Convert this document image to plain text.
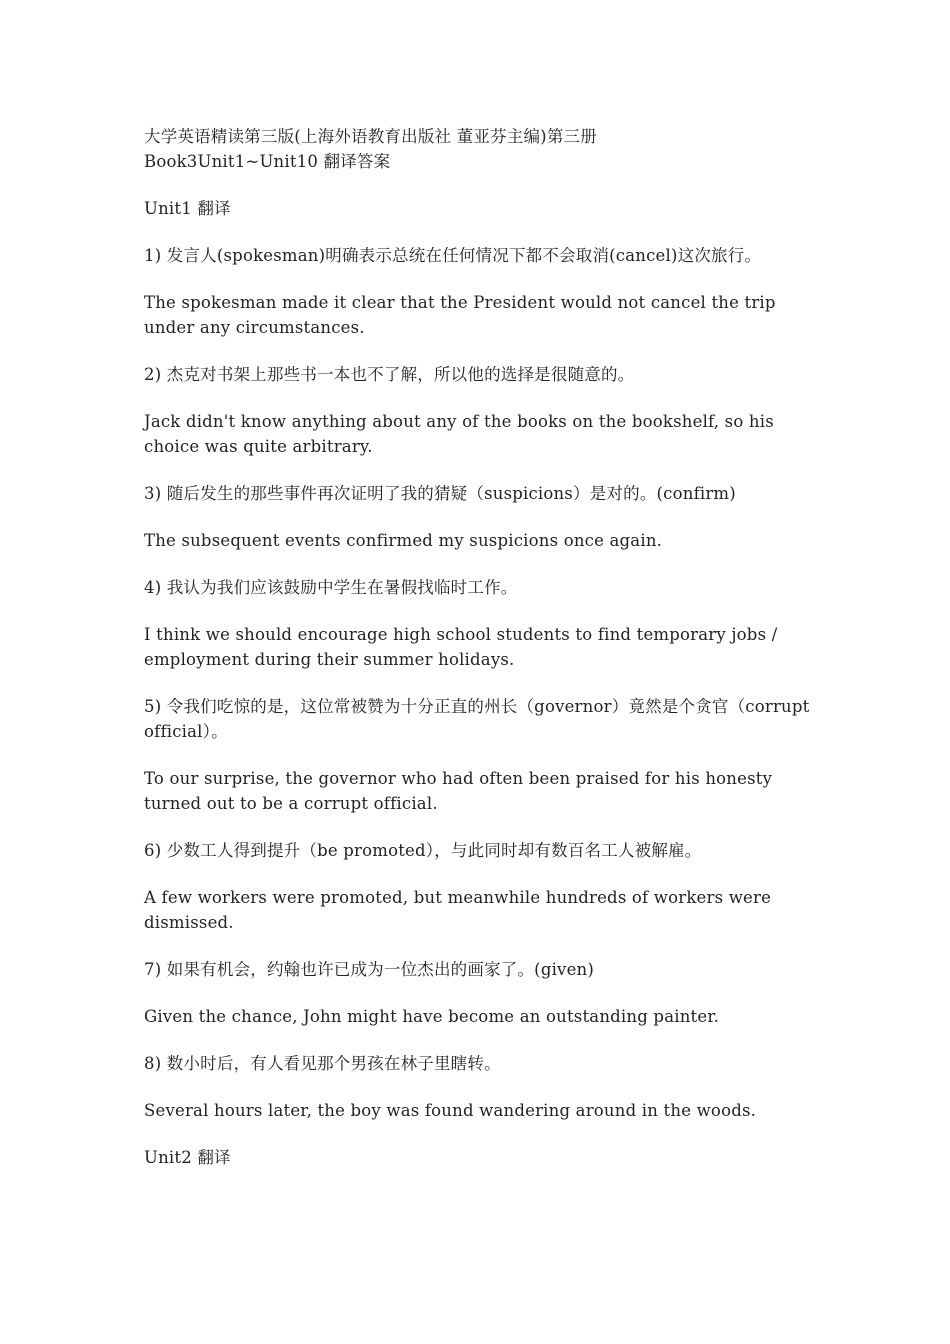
大学英语精读第三版(上海外语教育出版社 董亚芬主编)第三册
Book3Unit1~Unit10 翻译答案
Unit1 翻译
1) 发言人(spokesman)明确表示总统在任何情况下都不会取消(cancel)这次旅行。
The spokesman made it clear that the President would not cancel the trip under any circumstances.
2) 杰克对书架上那些书一本也不了解，所以他的选择是很随意的。
Jack didn't know anything about any of the books on the bookshelf, so his choice was quite arbitrary.
3) 随后发生的那些事件再次证明了我的猜疑（suspicions）是对的。(confirm)
The subsequent events confirmed my suspicions once again.
4) 我认为我们应该鼓励中学生在暑假找临时工作。
I think we should encourage high school students to find temporary jobs / employment during their summer holidays.
5) 令我们吃惊的是，这位常被赞为十分正直的州长（governor）竟然是个贪官（corrupt official）。
To our surprise, the governor who had often been praised for his honesty turned out to be a corrupt official.
6) 少数工人得到提升（be promoted），与此同时却有数百名工人被解雇。
A few workers were promoted, but meanwhile hundreds of workers were dismissed.
7) 如果有机会，约翰也许已成为一位杰出的画家了。(given)
Given the chance, John might have become an outstanding painter.
8) 数小时后，有人看见那个男孩在林子里瞎转。
Several hours later, the boy was found wandering around in the woods.
Unit2 翻译
